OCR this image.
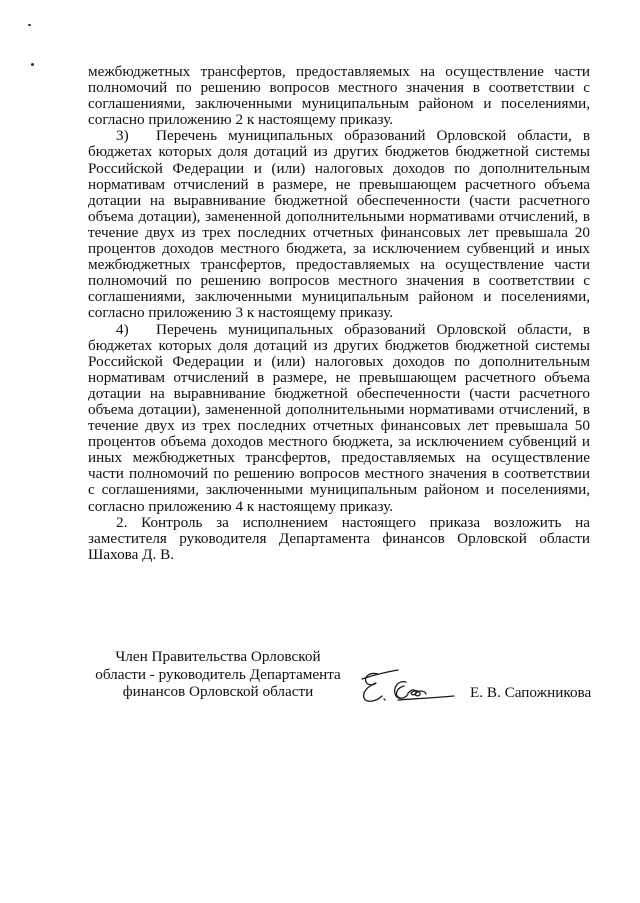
межбюджетных трансфертов, предоставляемых на осуществление части полномочий по решению вопросов местного значения в соответствии с соглашениями, заключенными муниципальным районом и поселениями, согласно приложению 2 к настоящему приказу.

3) Перечень муниципальных образований Орловской области, в бюджетах которых доля дотаций из других бюджетов бюджетной системы Российской Федерации и (или) налоговых доходов по дополнительным нормативам отчислений в размере, не превышающем расчетного объема дотации на выравнивание бюджетной обеспеченности (части расчетного объема дотации), замененной дополнительными нормативами отчислений, в течение двух из трех последних отчетных финансовых лет превышала 20 процентов доходов местного бюджета, за исключением субвенций и иных межбюджетных трансфертов, предоставляемых на осуществление части полномочий по решению вопросов местного значения в соответствии с соглашениями, заключенными муниципальным районом и поселениями, согласно приложению 3 к настоящему приказу.

4) Перечень муниципальных образований Орловской области, в бюджетах которых доля дотаций из других бюджетов бюджетной системы Российской Федерации и (или) налоговых доходов по дополнительным нормативам отчислений в размере, не превышающем расчетного объема дотации на выравнивание бюджетной обеспеченности (части расчетного объема дотации), замененной дополнительными нормативами отчислений, в течение двух из трех последних отчетных финансовых лет превышала 50 процентов объема доходов местного бюджета, за исключением субвенций и иных межбюджетных трансфертов, предоставляемых на осуществление части полномочий по решению вопросов местного значения в соответствии с соглашениями, заключенными муниципальным районом и поселениями, согласно приложению 4 к настоящему приказу.

2. Контроль за исполнением настоящего приказа возложить на заместителя руководителя Департамента финансов Орловской области Шахова Д. В.

Член Правительства Орловской
области - руководитель Департамента
финансов Орловской области	Е. В. Сапожникова
